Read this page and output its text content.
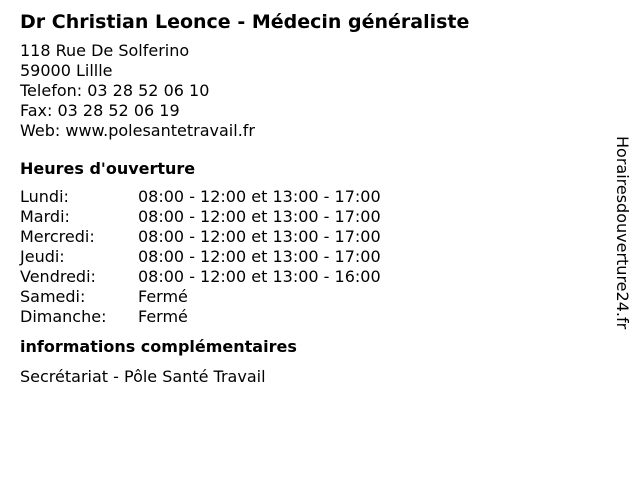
Dr Christian Leonce - Médecin généraliste
118 Rue De Solferino
59000 Lillle
Telefon: 03 28 52 06 10
Fax: 03 28 52 06 19
Web: www.polesantetravail.fr
Heures d'ouverture
Lundi:	08:00 - 12:00 et 13:00 - 17:00
Mardi:	08:00 - 12:00 et 13:00 - 17:00
Mercredi:	08:00 - 12:00 et 13:00 - 17:00
Jeudi:	08:00 - 12:00 et 13:00 - 17:00
Vendredi:	08:00 - 12:00 et 13:00 - 16:00
Samedi:	Fermé
Dimanche:	Fermé
informations complémentaires
Secrétariat - Pôle Santé Travail
Horairesdouverture24.fr
